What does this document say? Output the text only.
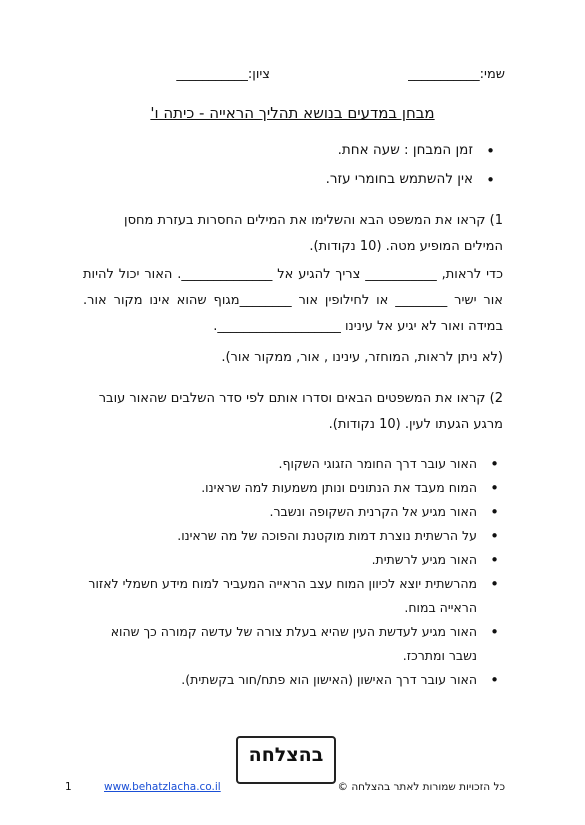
שמי:___________
ציון:___________
מבחן במדעים בנושא תהליך הראייה - כיתה ו'
• זמן המבחן : שעה אחת.
• אין להשתמש בחומרי עזר.
1) קראו את המשפט הבא והשלימו את המילים החסרות בעזרת מחסן המילים המופיע מטה. (10 נקודות).
כדי לראות, ___________ צריך להגיע אל ______________. האור יכול להיות אור ישיר ________ או לחילופין אור ________מגוף שהוא אינו מקור אור. במידה ואור לא יגיע אל עינינו ___________________.
(לא ניתן לראות, המוחזר, עינינו , אור, ממקור אור).
2) קראו את המשפטים הבאים וסדרו אותם לפי סדר השלבים שהאור עובר מרגע הגעתו לעין. (10 נקודות).
• האור עובר דרך החומר הזגוגי השקוף.
• המוח מעבד את הנתונים ונותן משמעות למה שראינו.
• האור מגיע אל הקרנית השקופה ונשבר.
• על הרשתית נוצרת דמות מוקטנת והפוכה של מה שראינו.
• האור מגיע לרשתית.
• מהרשתית יוצא לכיוון המוח עצב הראייה המעביר למוח מידע חשמלי לאזור הראייה במוח.
• האור מגיע לעדשת העין שהיא בעלת צורה של עדשה קמורה כך שהוא נשבר ומתרכז.
• האור עובר דרך האישון (האישון הוא פתח/חור בקשתית).
בהצלחה

1	www.behatzlacha.co.il	כל הזכויות שמורות לאתר בהצלחה ©
